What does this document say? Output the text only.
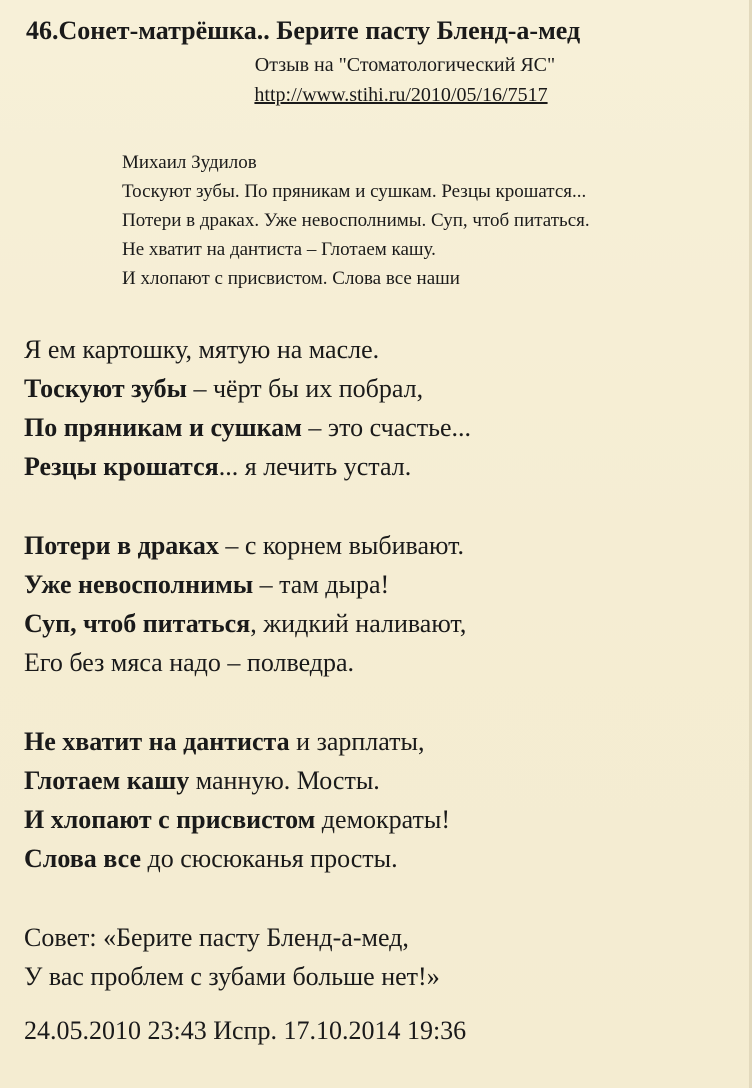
46.Сонет-матрёшка.. Берите пасту Бленд-а-мед
Отзыв на "Стоматологический ЯС"
http://www.stihi.ru/2010/05/16/7517
Михаил Зудилов
Тоскуют зубы. По пряникам и сушкам. Резцы крошатся...
Потери в драках. Уже невосполнимы. Суп, чтоб питаться.
Не хватит на дантиста – Глотаем кашу.
И хлопают с присвистом. Слова все наши
Я ем картошку, мятую на масле.
Тоскуют зубы – чёрт бы их побрал,
По пряникам и сушкам – это счастье...
Резцы крошатся... я лечить устал.
Потери в драках – с корнем выбивают.
Уже невосполнимы – там дыра!
Суп, чтоб питаться, жидкий наливают,
Его без мяса надо – полведра.
Не хватит на дантиста и зарплаты,
Глотаем кашу манную. Мосты.
И хлопают с присвистом демократы!
Слова все до сюсюканья просты.
Совет: «Берите пасту Бленд-а-мед,
У вас проблем с зубами больше нет!»
24.05.2010 23:43 Испр. 17.10.2014 19:36
